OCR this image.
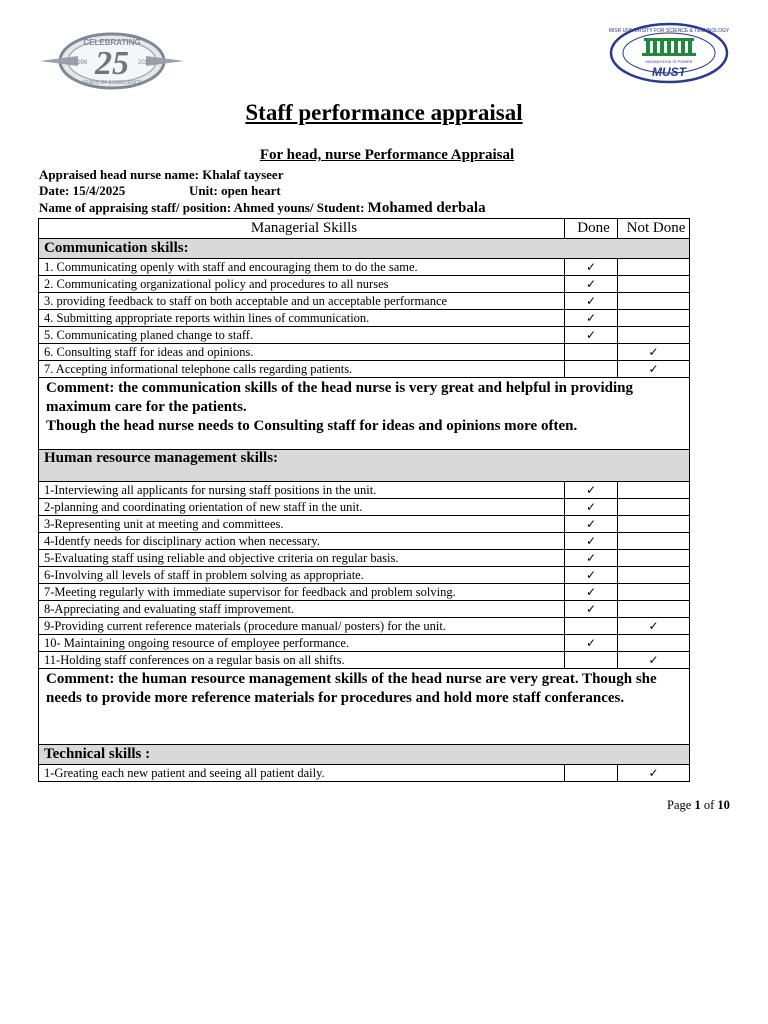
CELEBRATING
25
1996	2021
YEARS OF EXCELLENCE
MISR UNIVERSITY FOR SCIENCE & TECHNOLOGY
KNOWLEDGE IS POWER
MUST
Staff performance appraisal
For head, nurse Performance Appraisal
Appraised head nurse name: Khalaf tayseer
Date: 15/4/2025	Unit: open heart
Name of appraising staff/ position: Ahmed youns/ Student: Mohamed derbala
Managerial Skills	Done	Not Done
Communication skills:		
1. Communicating openly with staff and encouraging them to do the same.	✓	
2. Communicating organizational policy and procedures to all nurses	✓	
3. providing feedback to staff on both acceptable and un acceptable performance	✓	
4. Submitting appropriate reports within lines of communication.	✓	
5. Communicating planed change to staff.	✓	
6. Consulting staff for ideas and opinions.		✓
7. Accepting informational telephone calls regarding patients.		✓

Comment: the communication skills of the head nurse is very great and helpful in providing maximum care for the patients.
Though the head nurse needs to Consulting staff for ideas and opinions more often.		

Human resource management skills:		
1-Interviewing all applicants for nursing staff positions in the unit.	✓	
2-planning and coordinating orientation of new staff in the unit.	✓	
3-Representing unit at meeting and committees.	✓	
4-Identfy needs for disciplinary action when necessary.	✓	
5-Evaluating staff using reliable and objective criteria on regular basis.	✓	
6-Involving all levels of staff in problem solving as appropriate.	✓	
7-Meeting regularly with immediate supervisor for feedback and problem solving.	✓	
8-Appreciating and evaluating staff improvement.	✓	
9-Providing current reference materials (procedure manual/ posters) for the unit.		✓
10- Maintaining ongoing resource of employee performance.	✓	
11-Holding staff conferences on a regular basis on all shifts.		✓

Comment: the human resource management skills of the head nurse are very great. Though she needs to provide more reference materials for procedures and hold more staff conferances.		

Technical skills :		
1-Greating each new patient and seeing all patient daily.		✓
Page 1 of 10
